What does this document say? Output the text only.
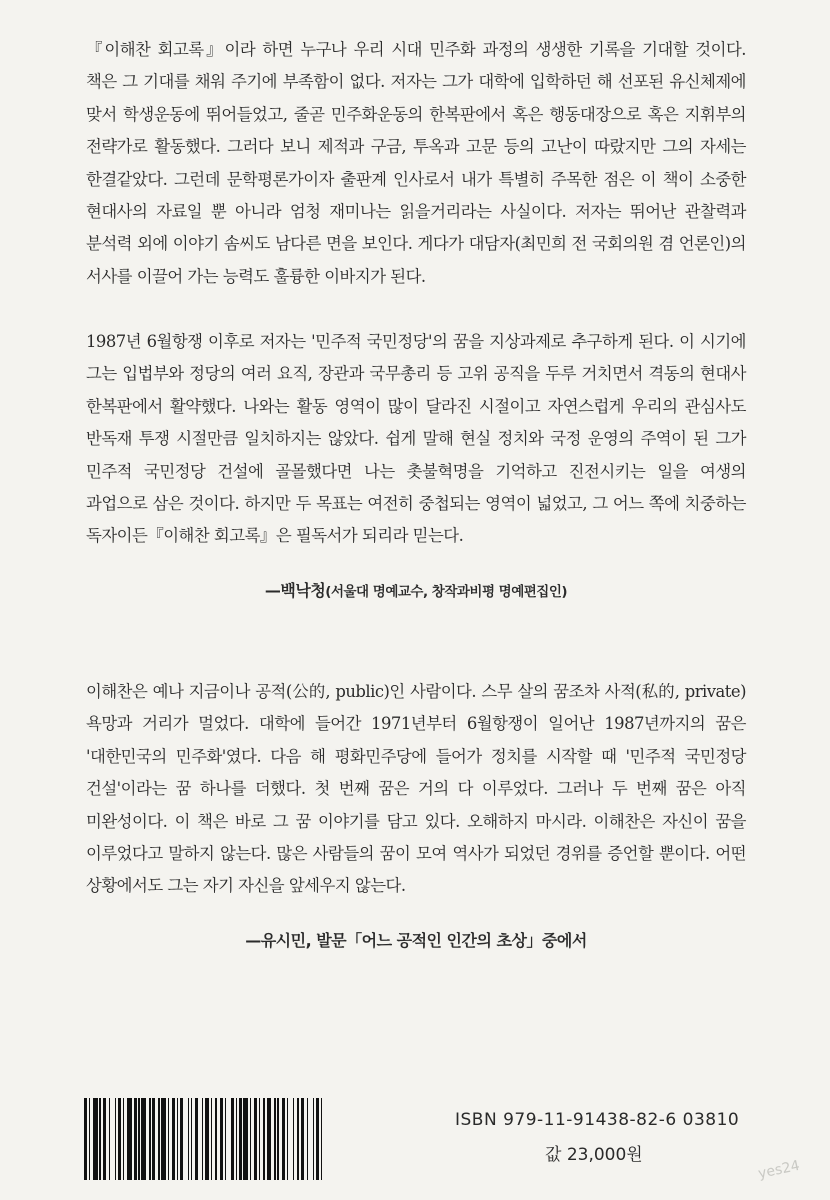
『이해찬 회고록』이라 하면 누구나 우리 시대 민주화 과정의 생생한 기록을 기대할 것이다. 책은 그 기대를 채워 주기에 부족함이 없다. 저자는 그가 대학에 입학하던 해 선포된 유신체제에 맞서 학생운동에 뛰어들었고, 줄곧 민주화운동의 한복판에서 혹은 행동대장으로 혹은 지휘부의 전략가로 활동했다. 그러다 보니 제적과 구금, 투옥과 고문 등의 고난이 따랐지만 그의 자세는 한결같았다. 그런데 문학평론가이자 출판계 인사로서 내가 특별히 주목한 점은 이 책이 소중한 현대사의 자료일 뿐 아니라 엄청 재미나는 읽을거리라는 사실이다. 저자는 뛰어난 관찰력과 분석력 외에 이야기 솜씨도 남다른 면을 보인다. 게다가 대담자(최민희 전 국회의원 겸 언론인)의 서사를 이끌어 가는 능력도 훌륭한 이바지가 된다.

1987년 6월항쟁 이후로 저자는 '민주적 국민정당'의 꿈을 지상과제로 추구하게 된다. 이 시기에 그는 입법부와 정당의 여러 요직, 장관과 국무총리 등 고위 공직을 두루 거치면서 격동의 현대사 한복판에서 활약했다. 나와는 활동 영역이 많이 달라진 시절이고 자연스럽게 우리의 관심사도 반독재 투쟁 시절만큼 일치하지는 않았다. 쉽게 말해 현실 정치와 국정 운영의 주역이 된 그가 민주적 국민정당 건설에 골몰했다면 나는 촛불혁명을 기억하고 진전시키는 일을 여생의 과업으로 삼은 것이다. 하지만 두 목표는 여전히 중첩되는 영역이 넓었고, 그 어느 쪽에 치중하는 독자이든『이해찬 회고록』은 필독서가 되리라 믿는다.

—백낙청(서울대 명예교수, 창작과비평 명예편집인)

이해찬은 예나 지금이나 공적(公的, public)인 사람이다. 스무 살의 꿈조차 사적(私的, private) 욕망과 거리가 멀었다. 대학에 들어간 1971년부터 6월항쟁이 일어난 1987년까지의 꿈은 '대한민국의 민주화'였다. 다음 해 평화민주당에 들어가 정치를 시작할 때 '민주적 국민정당 건설'이라는 꿈 하나를 더했다. 첫 번째 꿈은 거의 다 이루었다. 그러나 두 번째 꿈은 아직 미완성이다. 이 책은 바로 그 꿈 이야기를 담고 있다. 오해하지 마시라. 이해찬은 자신이 꿈을 이루었다고 말하지 않는다. 많은 사람들의 꿈이 모여 역사가 되었던 경위를 증언할 뿐이다. 어떤 상황에서도 그는 자기 자신을 앞세우지 않는다.

—유시민, 발문「어느 공적인 인간의 초상」중에서

ISBN 979-11-91438-82-6 03810
값 23,000원
yes24
